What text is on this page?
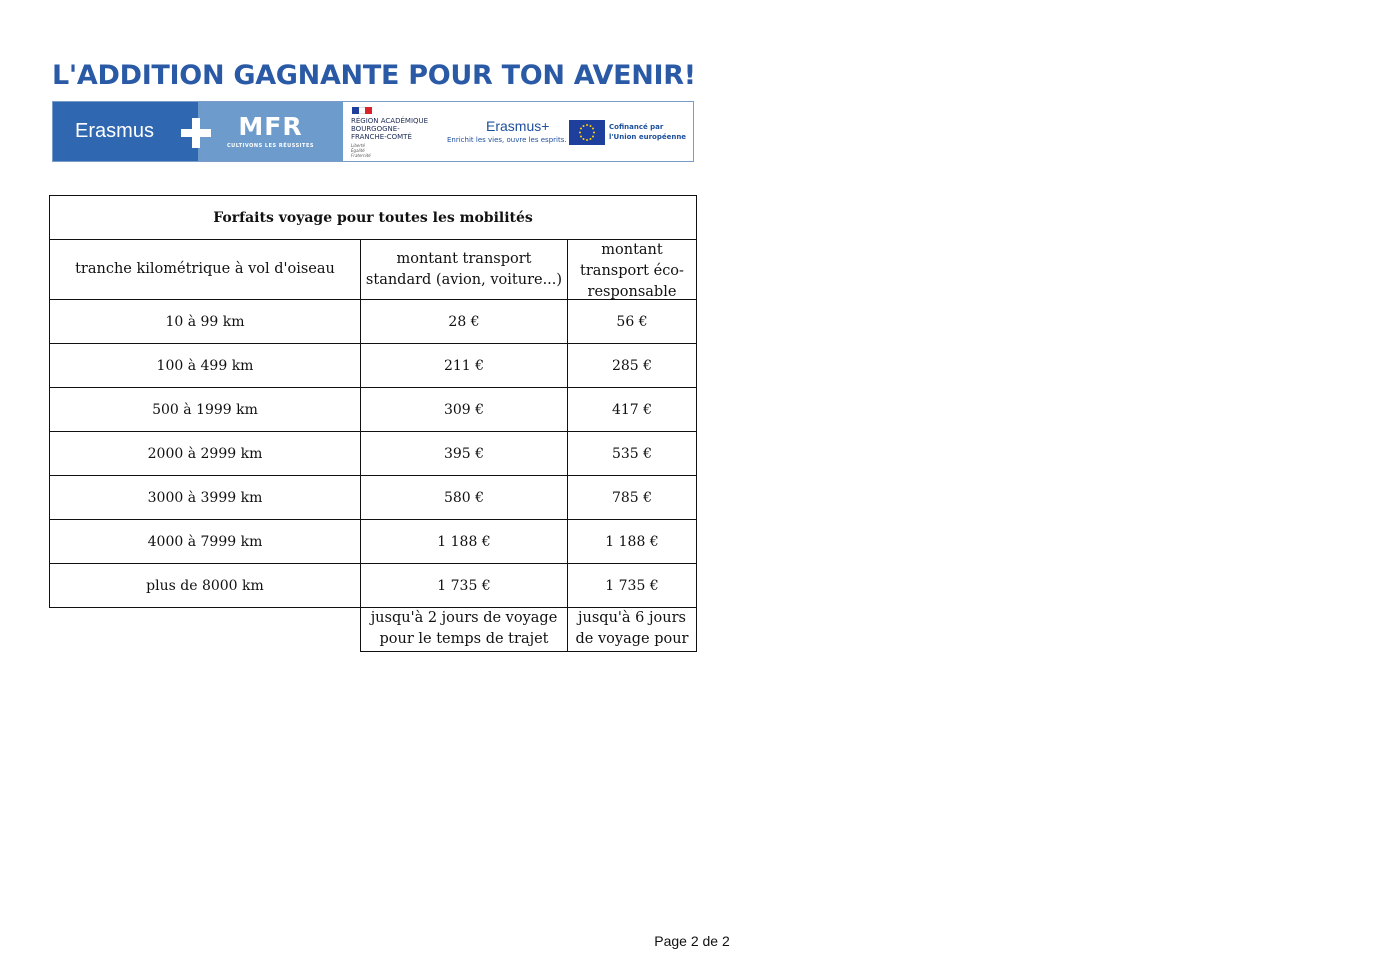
L'ADDITION GAGNANTE POUR TON AVENIR!
Erasmus	MFR
CULTIVONS LES RÉUSSITES
RÉGION ACADÉMIQUE
BOURGOGNE-
FRANCHE-COMTÉ
Liberté
Égalité
Fraternité
Erasmus+
Enrichit les vies, ouvre les esprits.
Cofinancé par
l'Union européenne
Forfaits voyage pour toutes les mobilités		

tranche kilométrique à vol d'oiseau	montant transport standard (avion, voiture...)	montant transport éco-responsable

10 à 99 km	28 €	56 €
100 à 499 km	211 €	285 €
500 à 1999 km	309 €	417 €
2000 à 2999 km	395 €	535 €
3000 à 3999 km	580 €	785 €
4000 à 7999 km	1 188 €	1 188 €
plus de 8000 km	1 735 €	1 735 €

	jusqu'à 2 jours de voyage pour le temps de trajet	jusqu'à 6 jours de voyage pour
Page 2 de 2
